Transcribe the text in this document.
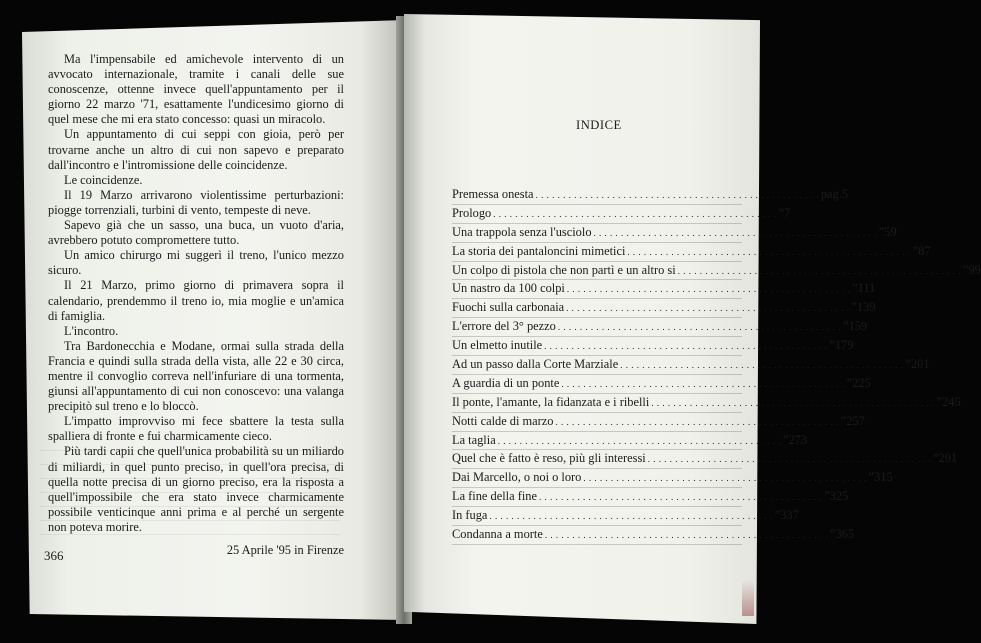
Ma l'impensabile ed amichevole intervento di un avvocato internazionale, tramite i canali delle sue conoscenze, ottenne invece quell'appuntamento per il giorno 22 marzo '71, esattamente l'undicesimo giorno di quel mese che mi era stato concesso: quasi un miracolo.

Un appuntamento di cui seppi con gioia, però per trovarne anche un altro di cui non sapevo e preparato dall'incontro e l'intromissione delle coincidenze.

Le coincidenze.

Il 19 Marzo arrivarono violentissime perturbazioni: piogge torrenziali, turbini di vento, tempeste di neve.

Sapevo già che un sasso, una buca, un vuoto d'aria, avrebbero potuto compromettere tutto.

Un amico chirurgo mi suggerì il treno, l'unico mezzo sicuro.

Il 21 Marzo, primo giorno di primavera sopra il calendario, prendemmo il treno io, mia moglie e un'amica di famiglia.

L'incontro.

Tra Bardonecchia e Modane, ormai sulla strada della Francia e quindi sulla strada della vista, alle 22 e 30 circa, mentre il convoglio correva nell'infuriare di una tormenta, giunsi all'appuntamento di cui non conoscevo: una valanga precipitò sul treno e lo bloccò.

L'impatto improvviso mi fece sbattere la testa sulla spalliera di fronte e fui charmicamente cieco.

Più tardi capii che quell'unica probabilità su un miliardo di miliardi, in quel punto preciso, in quell'ora precisa, di quella notte precisa di un giorno preciso, era la risposta a quell'impossibile che era stato invece charmicamente possibile venticinque anni prima e al perché un sergente non poteva morire.

25 Aprile '95 in Firenze

366
INDICE
Premessa onesta . . . . . . . . . . . . . . . . . . . . . . . . . . . . . . . . . . . . . . . . . . . . . . . . . . . . pag. 5
Prologo . . . . . . . . . . . . . . . . . . . . . . . . . . . . . . . . . . . . . . . . . . . . . . . . . . . . ” 7
Una trappola senza l'usciolo . . . . . . . . . . . . . . . . . . . . . . . . . . . . . . . . . . . . . . . . . . . . . . . . . . . . ” 59
La storia dei pantaloncini mimetici . . . . . . . . . . . . . . . . . . . . . . . . . . . . . . . . . . . . . . . . . . . . . . . . . . . . ” 87
Un colpo di pistola che non partì e un altro si . . . . . . . . . . . . . . . . . . . . . . . . . . . . . . . . . . . . . . . . . . . . . . . . . . . . ” 99
Un nastro da 100 colpi . . . . . . . . . . . . . . . . . . . . . . . . . . . . . . . . . . . . . . . . . . . . . . . . . . . . ” 111
Fuochi sulla carbonaia . . . . . . . . . . . . . . . . . . . . . . . . . . . . . . . . . . . . . . . . . . . . . . . . . . . . ” 139
L'errore del 3° pezzo . . . . . . . . . . . . . . . . . . . . . . . . . . . . . . . . . . . . . . . . . . . . . . . . . . . . ” 159
Un elmetto inutile . . . . . . . . . . . . . . . . . . . . . . . . . . . . . . . . . . . . . . . . . . . . . . . . . . . . ” 179
Ad un passo dalla Corte Marziale . . . . . . . . . . . . . . . . . . . . . . . . . . . . . . . . . . . . . . . . . . . . . . . . . . . . ” 201
A guardia di un ponte . . . . . . . . . . . . . . . . . . . . . . . . . . . . . . . . . . . . . . . . . . . . . . . . . . . . ” 225
Il ponte, l'amante, la fidanzata e i ribelli . . . . . . . . . . . . . . . . . . . . . . . . . . . . . . . . . . . . . . . . . . . . . . . . . . . . ” 245
Notti calde di marzo . . . . . . . . . . . . . . . . . . . . . . . . . . . . . . . . . . . . . . . . . . . . . . . . . . . . ” 257
La taglia . . . . . . . . . . . . . . . . . . . . . . . . . . . . . . . . . . . . . . . . . . . . . . . . . . . . ” 273
Quel che è fatto è reso, più gli interessi . . . . . . . . . . . . . . . . . . . . . . . . . . . . . . . . . . . . . . . . . . . . . . . . . . . . ” 291
Dai Marcello, o noi o loro . . . . . . . . . . . . . . . . . . . . . . . . . . . . . . . . . . . . . . . . . . . . . . . . . . . . ” 315
La fine della fine . . . . . . . . . . . . . . . . . . . . . . . . . . . . . . . . . . . . . . . . . . . . . . . . . . . . ” 325
In fuga . . . . . . . . . . . . . . . . . . . . . . . . . . . . . . . . . . . . . . . . . . . . . . . . . . . . ” 337
Condanna a morte . . . . . . . . . . . . . . . . . . . . . . . . . . . . . . . . . . . . . . . . . . . . . . . . . . . . ” 365
